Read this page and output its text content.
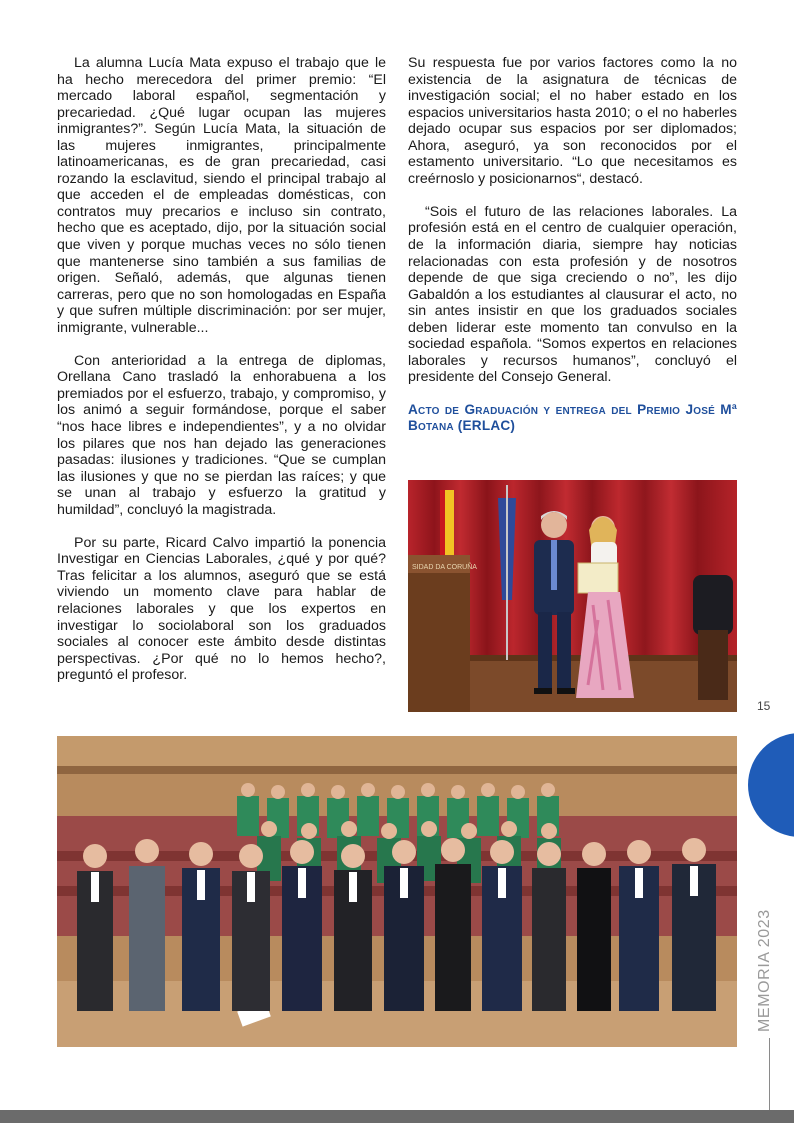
La alumna Lucía Mata expuso el trabajo que le ha hecho merecedora del primer premio: “El mercado laboral español, segmentación y precariedad. ¿Qué lugar ocupan las mujeres inmigrantes?”. Según Lucía Mata, la situación de las mujeres inmigrantes, principalmente latinoamericanas, es de gran precariedad, casi rozando la esclavitud, siendo el principal trabajo al que acceden el de empleadas domésticas, con contratos muy precarios e incluso sin contrato, hecho que es aceptado, dijo, por la situación social que viven y porque muchas veces no sólo tienen que mantenerse sino también a sus familias de origen. Señaló, además, que algunas tienen carreras, pero que no son homologadas en España y que sufren múltiple discriminación: por ser mujer, inmigrante, vulnerable...

Con anterioridad a la entrega de diplomas, Orellana Cano trasladó la enhorabuena a los premiados por el esfuerzo, trabajo, y compromiso, y los animó a seguir formándose, porque el saber “nos hace libres e independientes”, y a no olvidar los pilares que nos han dejado las generaciones pasadas: ilusiones y tradiciones. “Que se cumplan las ilusiones y que no se pierdan las raíces; y que se unan al trabajo y esfuerzo la gratitud y humildad”, concluyó la magistrada.

Por su parte, Ricard Calvo impartió la ponencia Investigar en Ciencias Laborales, ¿qué y por qué? Tras felicitar a los alumnos, aseguró que se está viviendo un momento clave para hablar de relaciones laborales y que los expertos en investigar lo sociolaboral son los graduados sociales al conocer este ámbito desde distintas perspectivas. ¿Por qué no lo hemos hecho?, preguntó el profesor.

Su respuesta fue por varios factores como la no existencia de la asignatura de técnicas de investigación social; el no haber estado en los espacios universitarios hasta 2010; o el no haberles dejado ocupar sus espacios por ser diplomados; Ahora, aseguró, ya son reconocidos por el estamento universitario. “Lo que necesitamos es creérnoslo y posicionarnos“, destacó.

“Sois el futuro de las relaciones laborales. La profesión está en el centro de cualquier operación, de la información diaria, siempre hay noticias relacionadas con esta profesión y de nosotros depende de que siga creciendo o no”, les dijo Gabaldón a los estudiantes al clausurar el acto, no sin antes insistir en que los graduados sociales deben liderar este momento tan convulso en la sociedad española. “Somos expertos en relaciones laborales y recursos humanos”, concluyó el presidente del Consejo General.

Acto de Graduación y entrega del Premio José Mª Botana (ERLAC)
SIDAD DA CORUÑA
15
MEMORIA 2023
